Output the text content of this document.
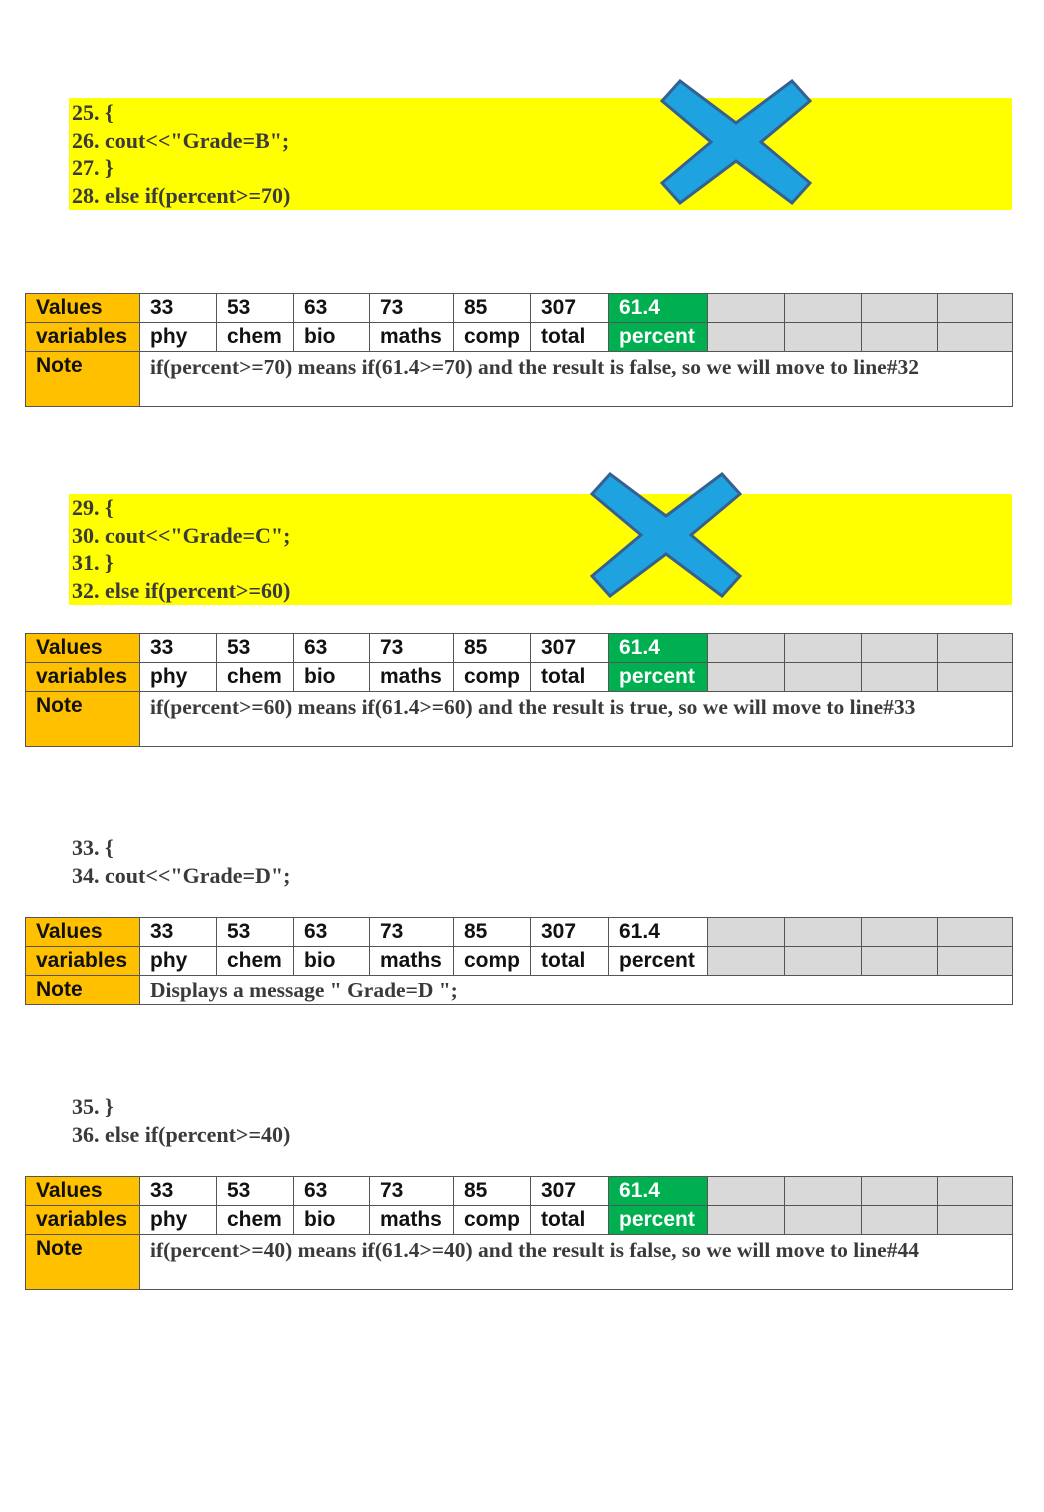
25. {
26. cout<<"Grade=B";
27. }
28. else if(percent>=70)
Values	33	53	63	73	85	307	61.4				
variables	phy	chem	bio	maths	comp	total	percent				
Note	if(percent>=70) means if(61.4>=70) and the result is false, so we will move to line#32										
29. {
30. cout<<"Grade=C";
31. }
32. else if(percent>=60)
Values	33	53	63	73	85	307	61.4				
variables	phy	chem	bio	maths	comp	total	percent				
Note	if(percent>=60) means if(61.4>=60) and the result is true, so we will move to line#33										
33. {
34. cout<<"Grade=D";
Values	33	53	63	73	85	307	61.4				
variables	phy	chem	bio	maths	comp	total	percent				
Note	Displays a message " Grade=D ";										
35. }
36. else if(percent>=40)
Values	33	53	63	73	85	307	61.4				
variables	phy	chem	bio	maths	comp	total	percent				
Note	if(percent>=40) means if(61.4>=40) and the result is false, so we will move to line#44										
